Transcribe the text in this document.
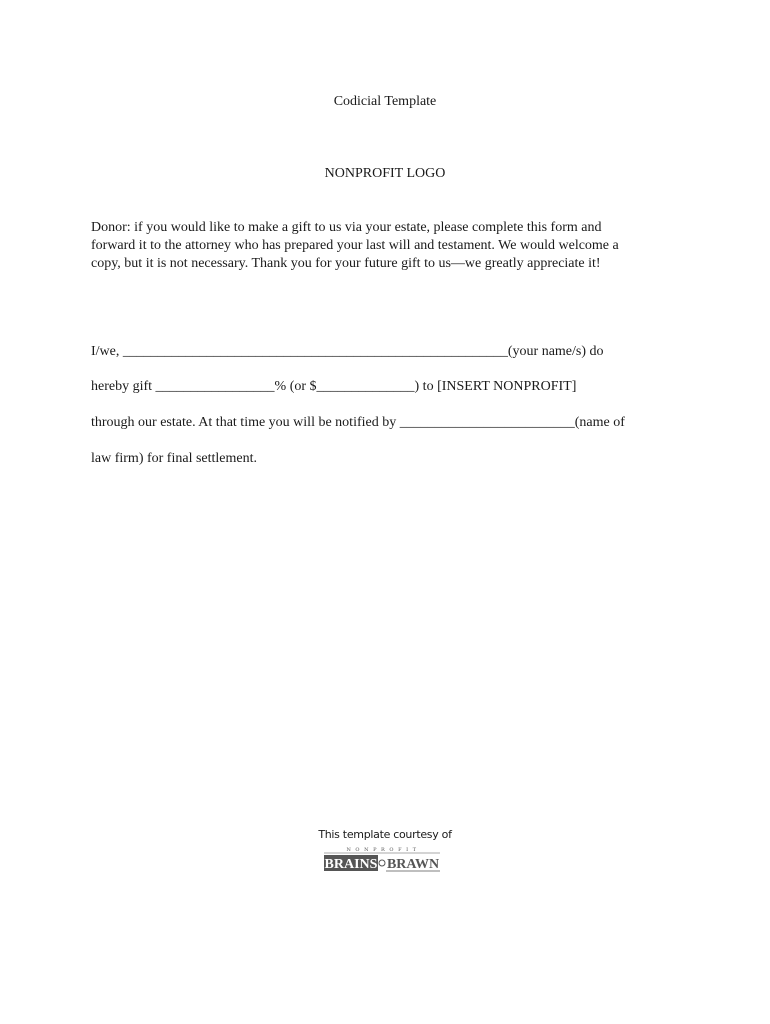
Codicial Template
NONPROFIT LOGO
Donor: if you would like to make a gift to us via your estate, please complete this form and
forward it to the attorney who has prepared your last will and testament. We would welcome a
copy, but it is not necessary. Thank you for your future gift to us—we greatly appreciate it!
I/we, _______________________________________________________(your name/s) do
hereby gift _________________% (or $______________) to [INSERT NONPROFIT]
through our estate. At that time you will be notified by _________________________(name of
law firm) for final settlement.
This template courtesy of
N O N P R O F I T
BRAINS BRAWN
